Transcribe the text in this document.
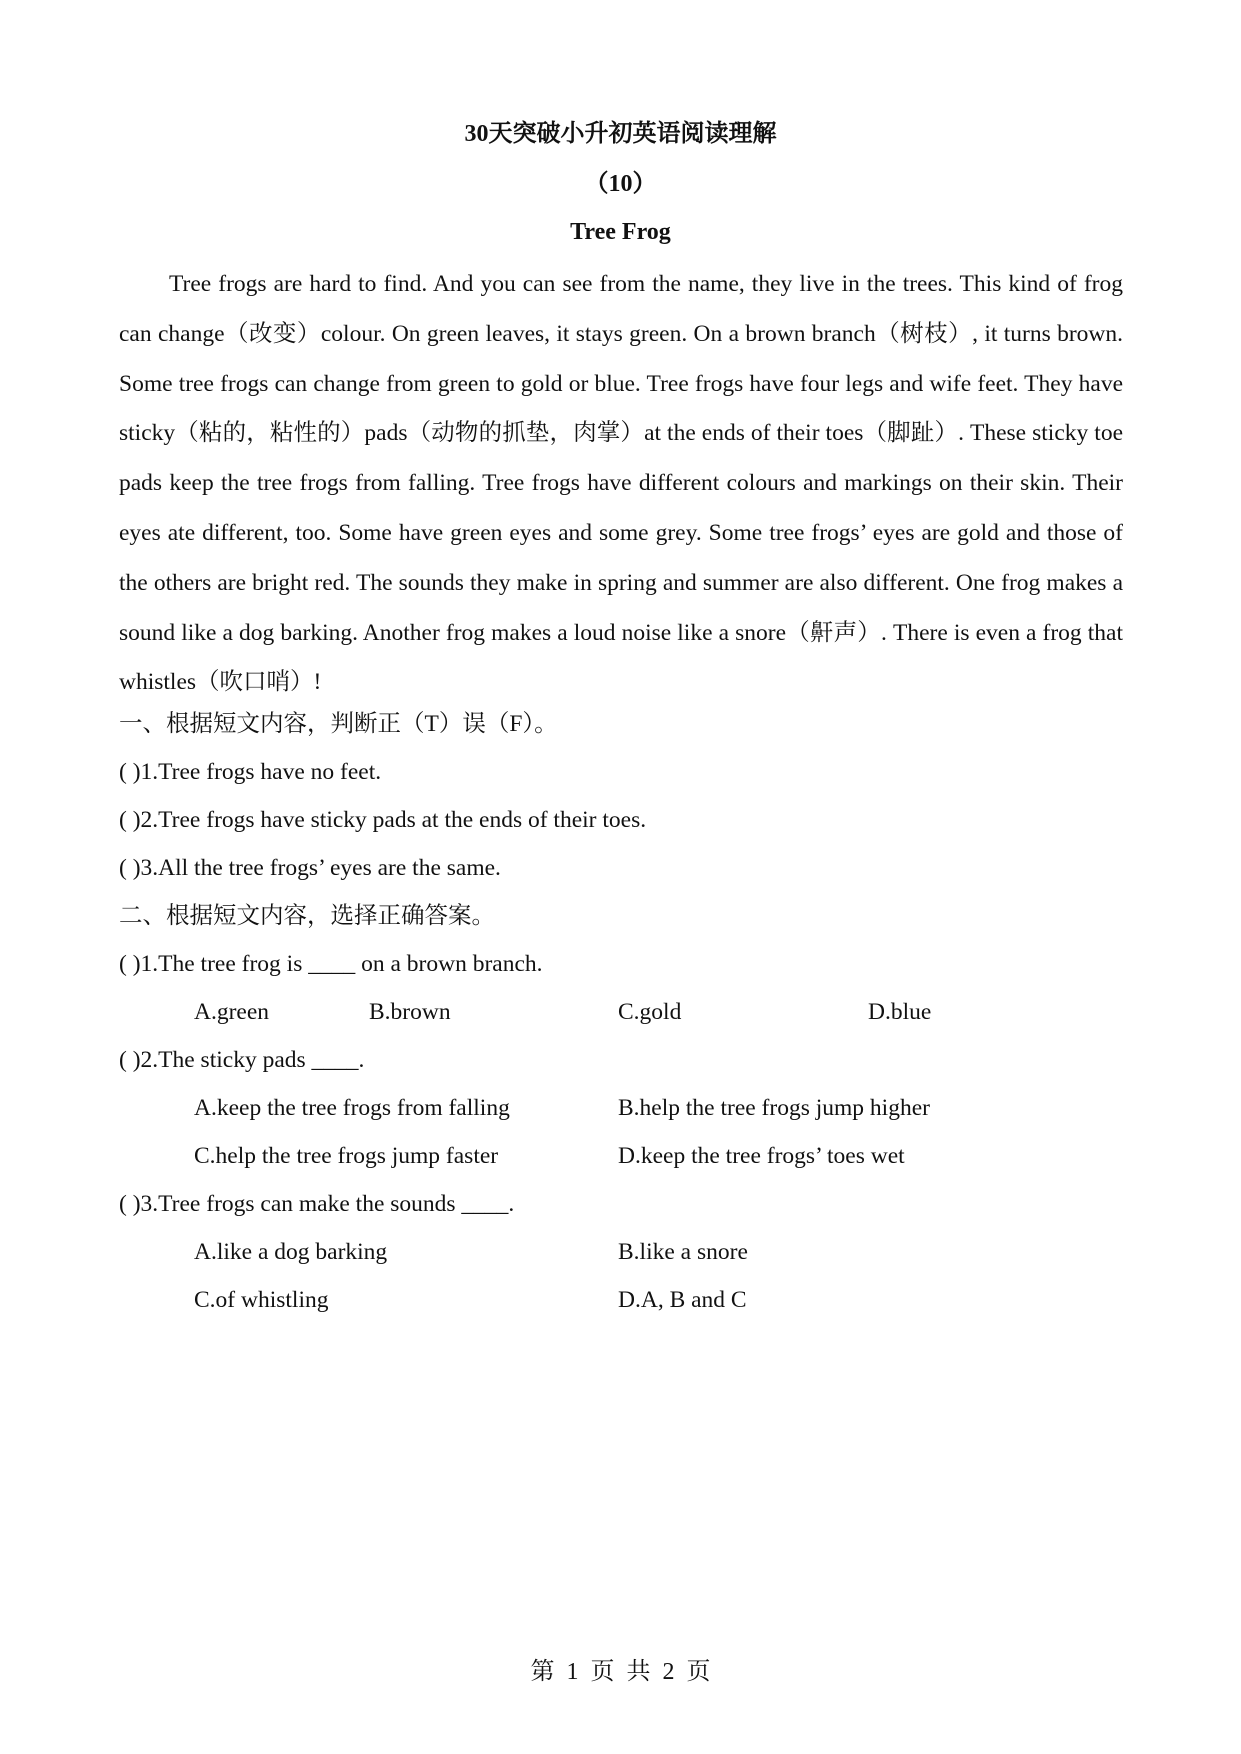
30天突破小升初英语阅读理解
（10）
Tree Frog

Tree frogs are hard to find. And you can see from the name, they live in the trees. This kind of frog can change（改变）colour. On green leaves, it stays green. On a brown branch（树枝）, it turns brown. Some tree frogs can change from green to gold or blue. Tree frogs have four legs and wife feet. They have sticky（粘的，粘性的）pads（动物的抓垫，肉掌）at the ends of their toes（脚趾）. These sticky toe pads keep the tree frogs from falling. Tree frogs have different colours and markings on their skin. Their eyes ate different, too. Some have green eyes and some grey. Some tree frogs’ eyes are gold and those of the others are bright red. The sounds they make in spring and summer are also different. One frog makes a sound like a dog barking. Another frog makes a loud noise like a snore（鼾声）. There is even a frog that whistles（吹口哨）!

一、根据短文内容，判断正（T）误（F）。
( )1.Tree frogs have no feet.
( )2.Tree frogs have sticky pads at the ends of their toes.
( )3.All the tree frogs’ eyes are the same.
二、根据短文内容，选择正确答案。
( )1.The tree frog is ____ on a brown branch.
A.green	B.brown	C.gold	D.blue
( )2.The sticky pads ____.
A.keep the tree frogs from falling	B.help the tree frogs jump higher
C.help the tree frogs jump faster	D.keep the tree frogs’ toes wet
( )3.Tree frogs can make the sounds ____.
A.like a dog barking	B.like a snore
C.of whistling	D.A, B and C
第 1 页 共 2 页
